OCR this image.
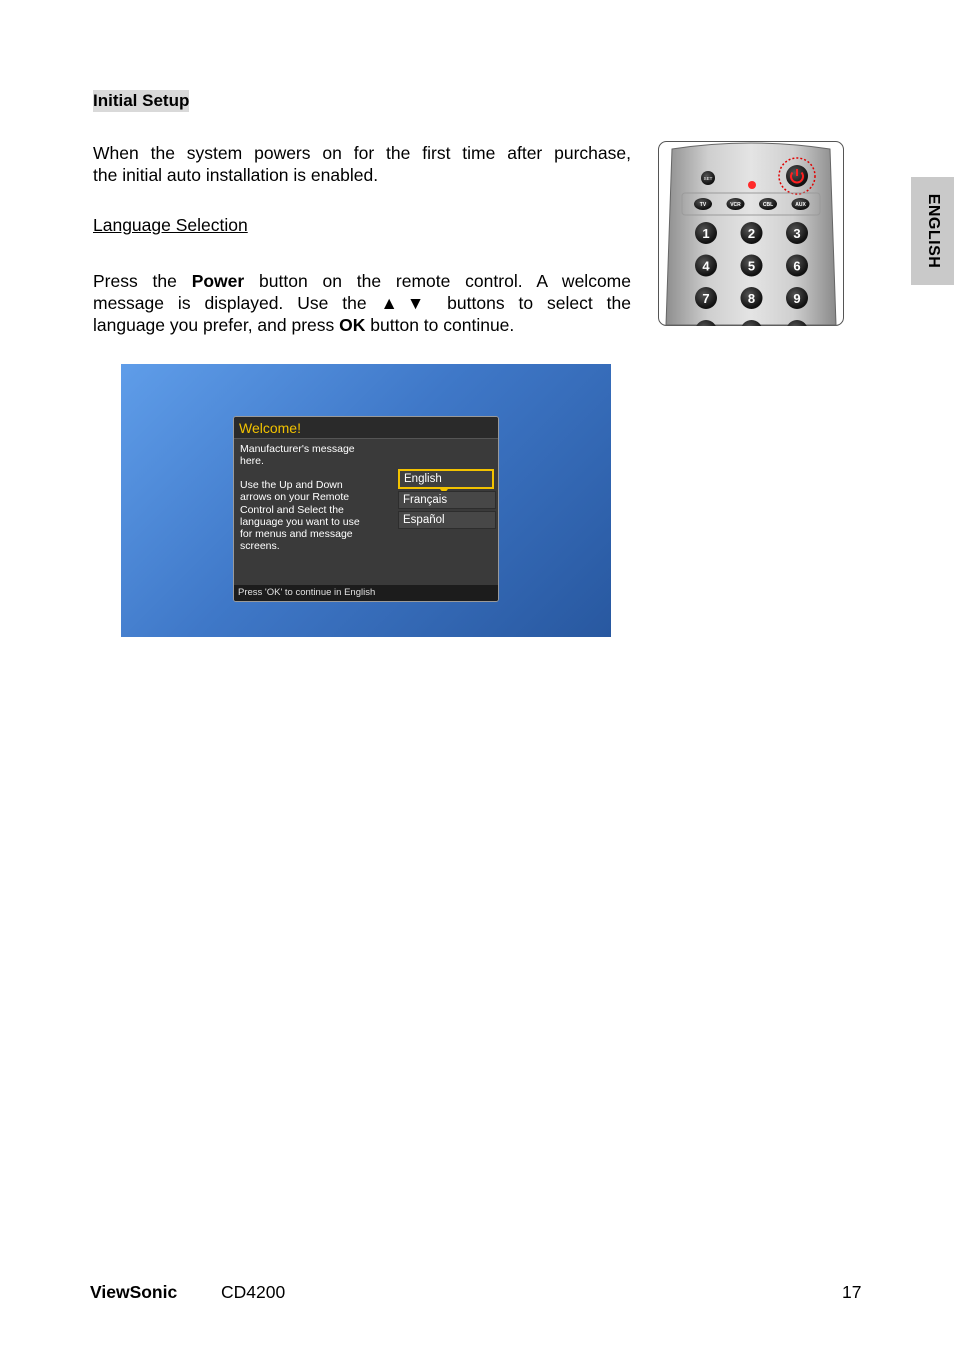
Initial Setup
When the system powers on for the first time after purchase,
the initial auto installation is enabled.
Language Selection
Press the Power button on the remote control. A welcome
message is displayed. Use the ▲▼ buttons to select the
language you prefer, and press OK button to continue.
SET
TV	VCR	CBL	AUX
1	2	3
4	5	6
7	8	9
ENGLISH
Welcome!
Manufacturer's message
here.
Use the Up and Down
arrows on your Remote
Control and Select the
language you want to use
for menus and message
screens.
English
Français
Español
Press 'OK' to continue in English
ViewSonic	CD4200	17
